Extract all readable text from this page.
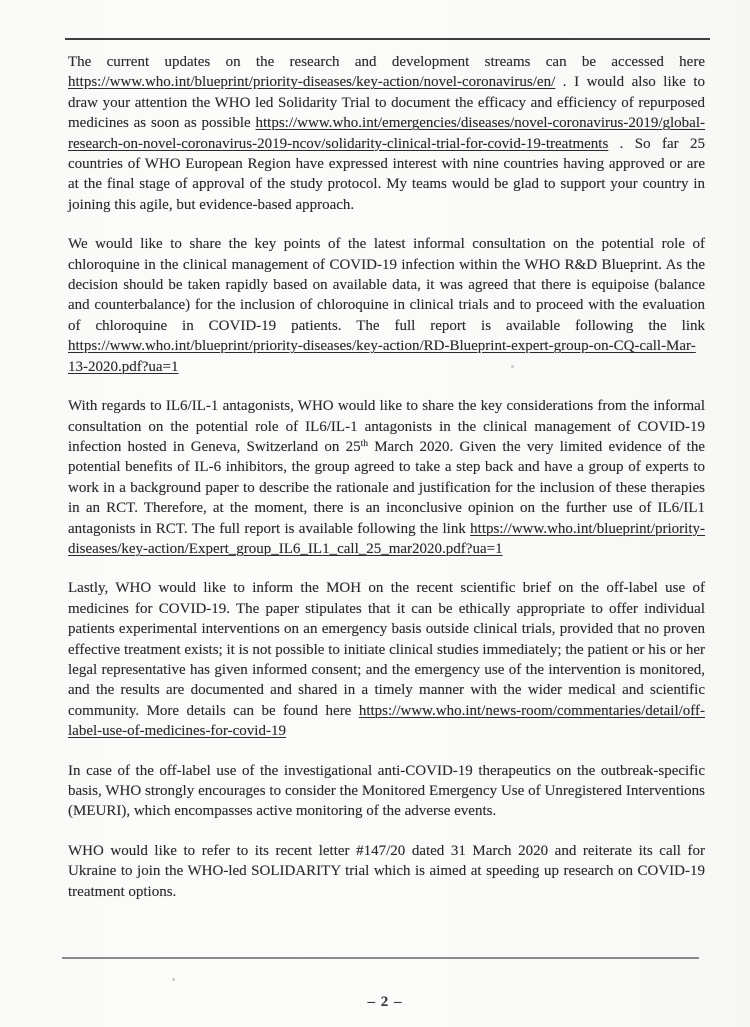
The current updates on the research and development streams can be accessed here https://www.who.int/blueprint/priority-diseases/key-action/novel-coronavirus/en/ . I would also like to draw your attention the WHO led Solidarity Trial to document the efficacy and efficiency of repurposed medicines as soon as possible https://www.who.int/emergencies/diseases/novel-coronavirus-2019/global-research-on-novel-coronavirus-2019-ncov/solidarity-clinical-trial-for-covid-19-treatments . So far 25 countries of WHO European Region have expressed interest with nine countries having approved or are at the final stage of approval of the study protocol. My teams would be glad to support your country in joining this agile, but evidence-based approach.

We would like to share the key points of the latest informal consultation on the potential role of chloroquine in the clinical management of COVID-19 infection within the WHO R&D Blueprint. As the decision should be taken rapidly based on available data, it was agreed that there is equipoise (balance and counterbalance) for the inclusion of chloroquine in clinical trials and to proceed with the evaluation of chloroquine in COVID-19 patients. The full report is available following the link https://www.who.int/blueprint/priority-diseases/key-action/RD-Blueprint-expert-group-on-CQ-call-Mar-13-2020.pdf?ua=1

With regards to IL6/IL-1 antagonists, WHO would like to share the key considerations from the informal consultation on the potential role of IL6/IL-1 antagonists in the clinical management of COVID-19 infection hosted in Geneva, Switzerland on 25th March 2020. Given the very limited evidence of the potential benefits of IL-6 inhibitors, the group agreed to take a step back and have a group of experts to work in a background paper to describe the rationale and justification for the inclusion of these therapies in an RCT. Therefore, at the moment, there is an inconclusive opinion on the further use of IL6/IL1 antagonists in RCT. The full report is available following the link https://www.who.int/blueprint/priority-diseases/key-action/Expert_group_IL6_IL1_call_25_mar2020.pdf?ua=1

Lastly, WHO would like to inform the MOH on the recent scientific brief on the off-label use of medicines for COVID-19. The paper stipulates that it can be ethically appropriate to offer individual patients experimental interventions on an emergency basis outside clinical trials, provided that no proven effective treatment exists; it is not possible to initiate clinical studies immediately; the patient or his or her legal representative has given informed consent; and the emergency use of the intervention is monitored, and the results are documented and shared in a timely manner with the wider medical and scientific community. More details can be found here https://www.who.int/news-room/commentaries/detail/off-label-use-of-medicines-for-covid-19

In case of the off-label use of the investigational anti-COVID-19 therapeutics on the outbreak-specific basis, WHO strongly encourages to consider the Monitored Emergency Use of Unregistered Interventions (MEURI), which encompasses active monitoring of the adverse events.

WHO would like to refer to its recent letter #147/20 dated 31 March 2020 and reiterate its call for Ukraine to join the WHO-led SOLIDARITY trial which is aimed at speeding up research on COVID-19 treatment options.

– 2 –
